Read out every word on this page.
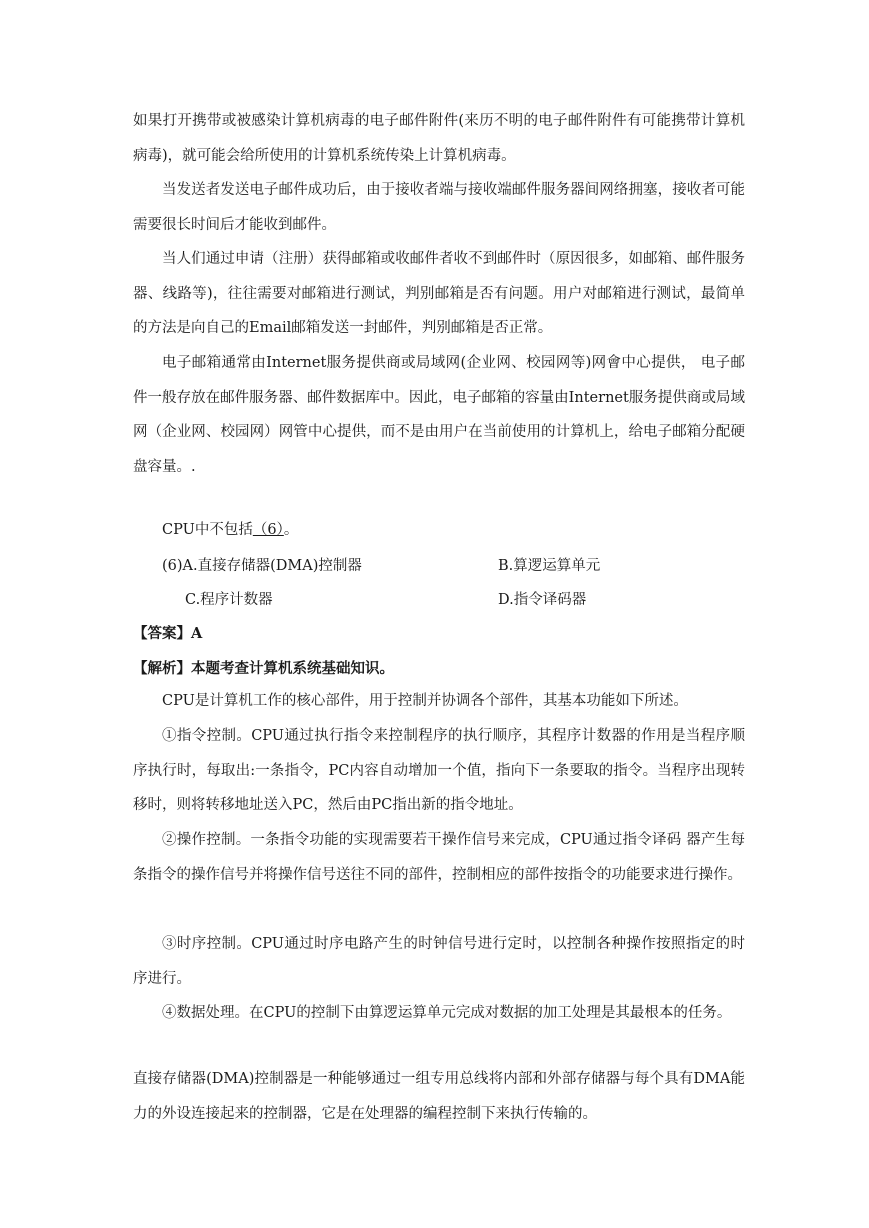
如果打开携带或被感染计算机病毒的电子邮件附件(来历不明的电子邮件附件有可能携带计算机病毒)，就可能会给所使用的计算机系统传染上计算机病毒。

当发送者发送电子邮件成功后，由于接收者端与接收端邮件服务器间网络拥塞，接收者可能需要很长时间后才能收到邮件。

当人们通过申请（注册）获得邮箱或收邮件者收不到邮件时（原因很多，如邮箱、邮件服务器、线路等)，往往需要对邮箱进行测试，判别邮箱是否有问题。用户对邮箱进行测试，最简单的方法是向自己的Email邮箱发送一封邮件，判别邮箱是否正常。

电子邮箱通常由Internet服务提供商或局域网(企业网、校园网等)网會中心提供， 电子邮件一般存放在邮件服务器、邮件数据库中。因此，电子邮箱的容量由Internet服务提供商或局域网（企业网、校园网）网管中心提供，而不是由用户在当前使用的计算机上，给电子邮箱分配硬盘容量。.

CPU中不包括（6）。

(6)A.直接存储器(DMA)控制器	B.算逻运算单元

C.程序计数器	D.指令译码器

【答案】A

【解析】本题考查计算机系统基础知识。

CPU是计算机工作的核心部件，用于控制并协调各个部件，其基本功能如下所述。

①指令控制。CPU通过执行指令来控制程序的执行顺序，其程序计数器的作用是当程序顺序执行时，每取出:一条指令，PC内容自动增加一个值，指向下一条要取的指令。当程序出现转移时，则将转移地址送入PC，然后由PC指出新的指令地址。

②操作控制。一条指令功能的实现需要若干操作信号来完成，CPU通过指令译码 器产生每条指令的操作信号并将操作信号送往不同的部件，控制相应的部件按指令的功能要求进行操作。

③时序控制。CPU通过时序电路产生的时钟信号进行定时，以控制各种操作按照指定的时序进行。

④数据处理。在CPU的控制下由算逻运算单元完成对数据的加工处理是其最根本的任务。

直接存储器(DMA)控制器是一种能够通过一组专用总线将内部和外部存储器与每个具有DMA能力的外设连接起来的控制器，它是在处理器的编程控制下来执行传输的。
